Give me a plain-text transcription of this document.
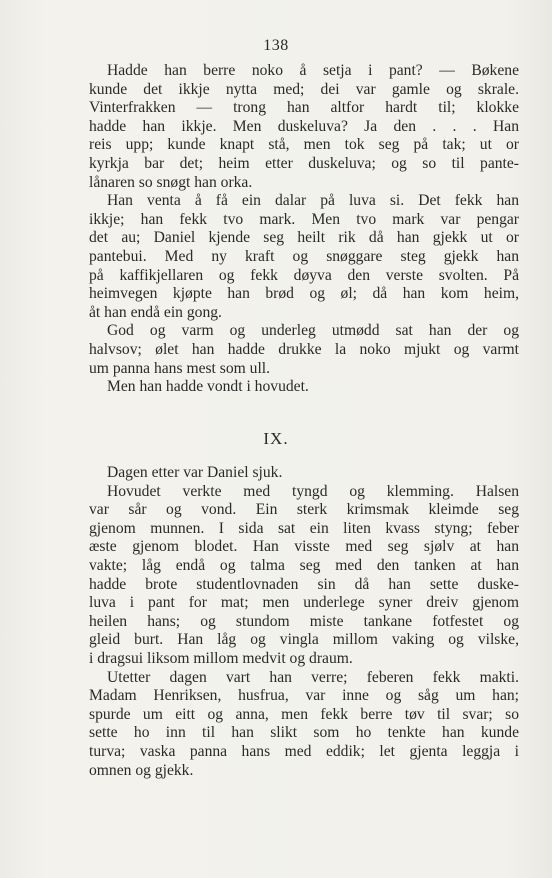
138
Hadde han berre noko å setja i pant? — Bøkene
kunde det ikkje nytta med; dei var gamle og skrale.
Vinterfrakken — trong han altfor hardt til; klokke
hadde han ikkje. Men duskeluva? Ja den . . . Han
reis upp; kunde knapt stå, men tok seg på tak; ut or
kyrkja bar det; heim etter duskeluva; og so til pante-
lånaren so snøgt han orka.
Han venta å få ein dalar på luva si. Det fekk han
ikkje; han fekk tvo mark. Men tvo mark var pengar
det au; Daniel kjende seg heilt rik då han gjekk ut or
pantebui. Med ny kraft og snøggare steg gjekk han
på kaffikjellaren og fekk døyva den verste svolten. På
heimvegen kjøpte han brød og øl; då han kom heim,
åt han endå ein gong.
God og varm og underleg utmødd sat han der og
halvsov; ølet han hadde drukke la noko mjukt og varmt
um panna hans mest som ull.
Men han hadde vondt i hovudet.
IX.
Dagen etter var Daniel sjuk.
Hovudet verkte med tyngd og klemming. Halsen
var sår og vond. Ein sterk krimsmak kleimde seg
gjenom munnen. I sida sat ein liten kvass styng; feber
æste gjenom blodet. Han visste med seg sjølv at han
vakte; låg endå og talma seg med den tanken at han
hadde brote studentlovnaden sin då han sette duske-
luva i pant for mat; men underlege syner dreiv gjenom
heilen hans; og stundom miste tankane fotfestet og
gleid burt. Han låg og vingla millom vaking og vilske,
i dragsui liksom millom medvit og draum.
Utetter dagen vart han verre; feberen fekk makti.
Madam Henriksen, husfrua, var inne og såg um han;
spurde um eitt og anna, men fekk berre tøv til svar; so
sette ho inn til han slikt som ho tenkte han kunde
turva; vaska panna hans med eddik; let gjenta leggja i
omnen og gjekk.
